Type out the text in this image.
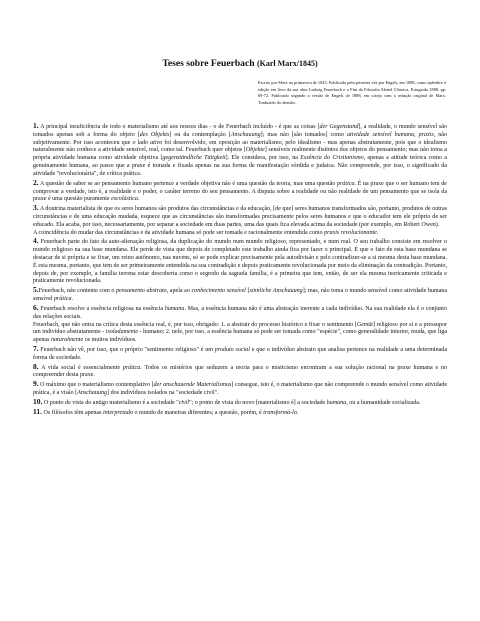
Teses sobre Feuerbach (Karl Marx/1845)
Escrito por Marx na primavera de 1845. Publicado pela primeira vez por Engels, em 1888, como apêndice à edição em livro da sua obra Ludwig Feuerbach e o Fim da Filosofia Alemã Clássica, Estugarda 1888, pp. 69-72. Publicado segundo a versão de Engels de 1888, em cotejo com a redação original de Marx. Traduzido do alemão.

1. A principal insuficiência de todo o materialismo até aos nossos dias - o de Feuerbach incluído - é que as coisas [der Gegenstand], a realidade, o mundo sensível são tomados apenas sob a forma do objeto [des Objekts] ou da contemplação [Anschauung]; mas não [são tomados] como atividade sensível humana, praxis, não subjetivamente. Por isso aconteceu que o lado ativo foi desenvolvido, em oposição ao materialismo, pelo idealismo - mas apenas abstratamente, pois que o idealismo naturalmente não conhece a atividade sensível, real, como tal. Feuerbach quer objetos [Objekte] sensíveis realmente distintos dos objetos do pensamento; mas não toma a própria atividade humana como atividade objetiva [gegenständliche Tätigkeit]. Ele considera, por isso, na Essência do Cristianismo, apenas a atitude teórica como a genuinamente humana, ao passo que a praxe é tomada e fixada apenas na sua forma de manifestação sórdida e judaica. Não compreende, por isso, o significado da atividade "revolucionária", de crítica prática.

2. A questão de saber se ao pensamento humano pertence a verdade objetiva não é uma questão da teoria, mas uma questão prática. É na praxe que o ser humano tem de comprovar a verdade, isto é, a realidade e o poder, o caráter terreno do seu pensamento. A disputa sobre a realidade ou não realidade de um pensamento que se isola da praxe é uma questão puramente escolástica.

3. A doutrina materialista de que os seres humanos são produtos das circunstâncias e da educação, [de que] seres humanos transformados são, portanto, produtos de outras circunstâncias e de uma educação mudada, esquece que as circunstâncias são transformadas precisamente pelos seres humanos e que o educador tem ele próprio de ser educado. Ela acaba, por isso, necessariamente, por separar a sociedade em duas partes, uma das quais fica elevada acima da sociedade (por exemplo, em Robert Owen).
A coincidência do mudar das circunstâncias e da atividade humana só pode ser tomada e racionalmente entendida como praxis revolucionante.

4. Feuerbach parte do fato da auto-alienação religiosa, da duplicação do mundo num mundo religioso, representado, e num real. O seu trabalho consiste em resolver o mundo religioso na sua base mundana. Ele perde de vista que depois de completado este trabalho ainda fica por fazer o principal. É que o fato de esta base mundana se destacar de si própria e se fixar, um reino autônomo, nas nuvens, só se pode explicar precisamente pela autodivisão e pelo contradizer-se a si mesma desta base mundana. É esta mesma, portanto, que tem de ser primeiramente entendida na sua contradição e depois praticamente revolucionada por meio da eliminação da contradição. Portanto, depois de, por exemplo, a família terrena estar descoberta como o segredo da sagrada família, é a primeira que tem, então, de ser ela mesma teoricamente criticada e praticamente revolucionada.

5.Feuerbach, não contente com o pensamento abstrato, apela ao conhecimento sensível [sinnliche Anschauung]; mas, não toma o mundo sensível como atividade humana sensível prática.

6. Feuerbach resolve a essência religiosa na essência humana. Mas, a essência humana não é uma abstração inerente a cada indivíduo. Na sua realidade ela é o conjunto das relações sociais.
Feuerbach, que não entra na crítica desta essência real, é, por isso, obrigado: 1. a abstrair do processo histórico e fixar o sentimento [Gemüt] religioso por si e a pressupor um indivíduo abstratamente - isoladamente - humano; 2. nele, por isso, a essência humana só pode ser tomada como "espécie", como generalidade interior, muda, que liga apenas naturalmente os muitos indivíduos.

7. Feuerbach não vê, por isso, que o próprio "sentimento religioso" é um produto social e que o indivíduo abstrato que analisa pertence na realidade a uma determinada forma de sociedade.

8. A vida social é essencialmente prática. Todos os mistérios que seduzem a teoria para o misticismo encontram a sua solução racional na praxe humana e no compreender desta praxe.

9. O máximo que o materialismo contemplativo [der anschauende Materialismus] consegue, isto é, o materialismo que não compreende o mundo sensível como atividade prática, é a visão [Anschauung] dos indivíduos isolados na "sociedade civil".

10. O ponto de vista do antigo materialismo é a sociedade "civil"; o ponto de vista do novo [materialismo é] a sociedade humana, ou a humanidade socializada.

11. Os filósofos têm apenas interpretado o mundo de maneiras diferentes; a questão, porém, é transformá-lo.
